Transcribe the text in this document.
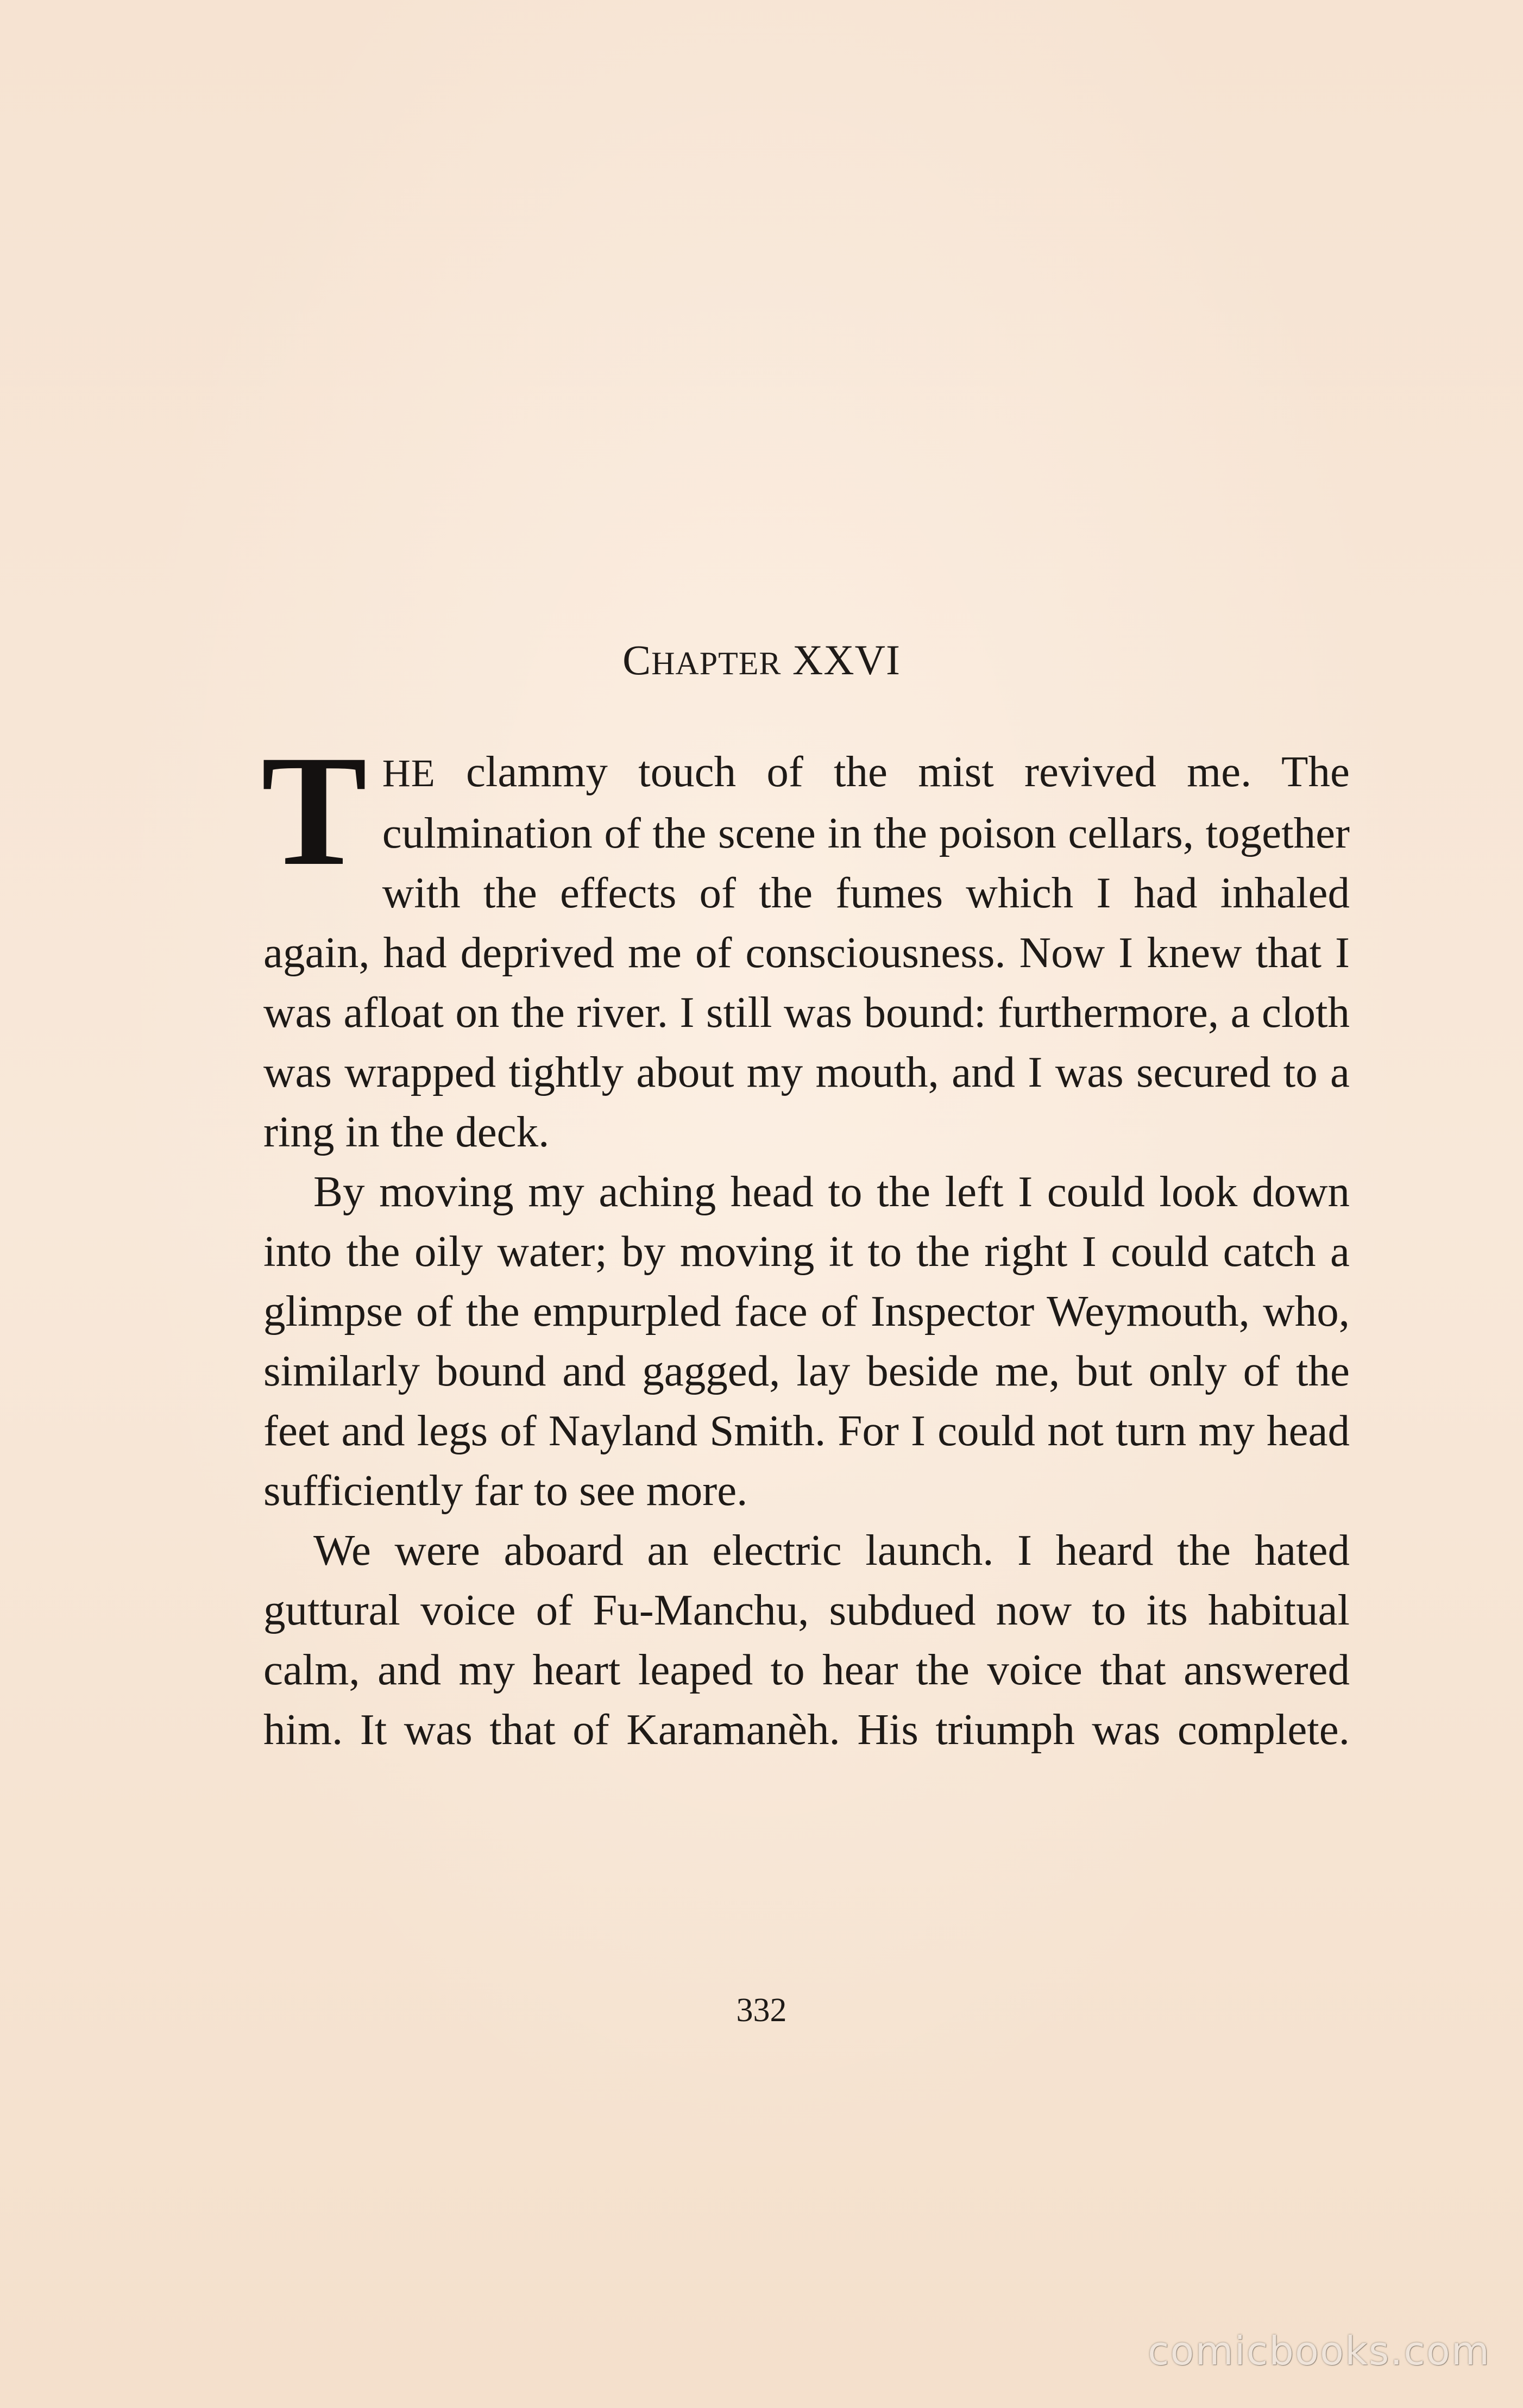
CHAPTER XXVI

THE clammy touch of the mist revived me. The culmination of the scene in the poison cellars, together with the effects of the fumes which I had inhaled again, had deprived me of consciousness. Now I knew that I was afloat on the river. I still was bound: furthermore, a cloth was wrapped tightly about my mouth, and I was secured to a ring in the deck.

By moving my aching head to the left I could look down into the oily water; by moving it to the right I could catch a glimpse of the empurpled face of Inspector Weymouth, who, similarly bound and gagged, lay beside me, but only of the feet and legs of Nayland Smith. For I could not turn my head sufficiently far to see more.

We were aboard an electric launch. I heard the hated guttural voice of Fu-Manchu, subdued now to its habitual calm, and my heart leaped to hear the voice that answered him. It was that of Karamanèh. His triumph was complete.

332
comicbooks.com
